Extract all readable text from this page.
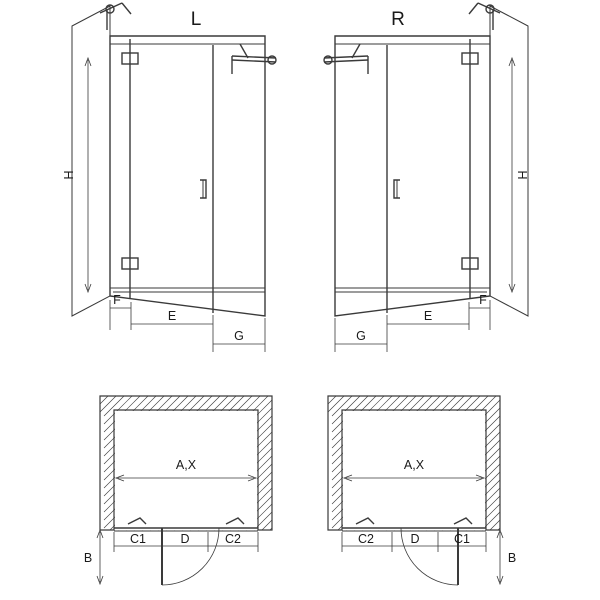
H
F
E
G
L	R
H
G
E
F
A,X
B
C1	D	C2
A,X
B
C2	D	C1
